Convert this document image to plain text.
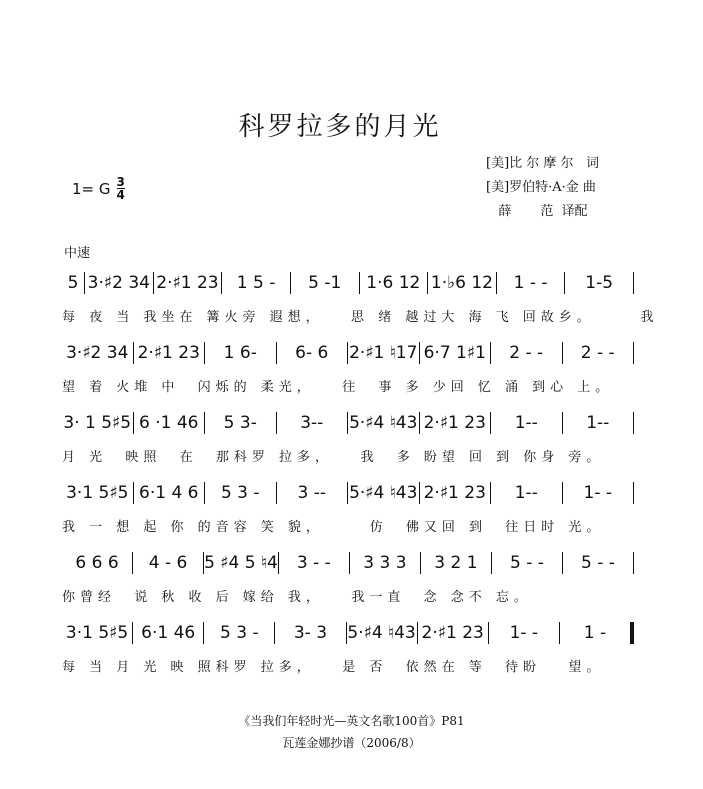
科罗拉多的月光
1= G $\frac{3}{4}$
[美]比 尔 摩 尔   词
[美]罗伯特·A·金 曲
薛       范  译配
中速
5 3·♯2 34 2·♯1 23	1 5 -	5 -1	1·6 12 1·♭6 12	1 - -	1-5
每 夜 当 我坐在 篝火旁 遐想，   思 绪 越过大 海 飞 回故乡。     我
3·♯2 34 2·♯1 23	1 6-	6- 6	2·♯1 ♮17 6·7 1♯1	2 - -	2 - -
望 着 火堆 中  闪烁的 柔光，   往  事 多 少回 忆 涌 到心 上。
3· 1 5♯5 6 ·1 46	5 3-	3--	5·♯4 ♮43 2·♯1 23	1--	1--
月 光  映照  在  那科罗 拉多，   我  多 盼望 回 到 你身 旁。
3·1 5♯5 6·1 4 6	5 3 -	3 --	5·♯4 ♮43 2·♯1 23	1--	1- -
我 一 想 起 你 的音容 笑 貌，     仿  佛又回 到  往日时 光。
6 6 6	4 - 6 5 ♯4 5 ♮4	3 - -	3 3 3	3 2 1	5 - -	5 - -
你曾经  说 秋 收 后 嫁给 我，   我一直  念 念不 忘。
3·1 5♯5 6·1 46	5 3 -	3- 3	5·♯4 ♮43 2·♯1 23	1- -	1 -
每 当 月 光 映 照科罗 拉多，   是 否  依然在 等  待盼   望。
《当我们年轻时光—英文名歌100首》P81
瓦莲金娜抄谱（2006/8）
